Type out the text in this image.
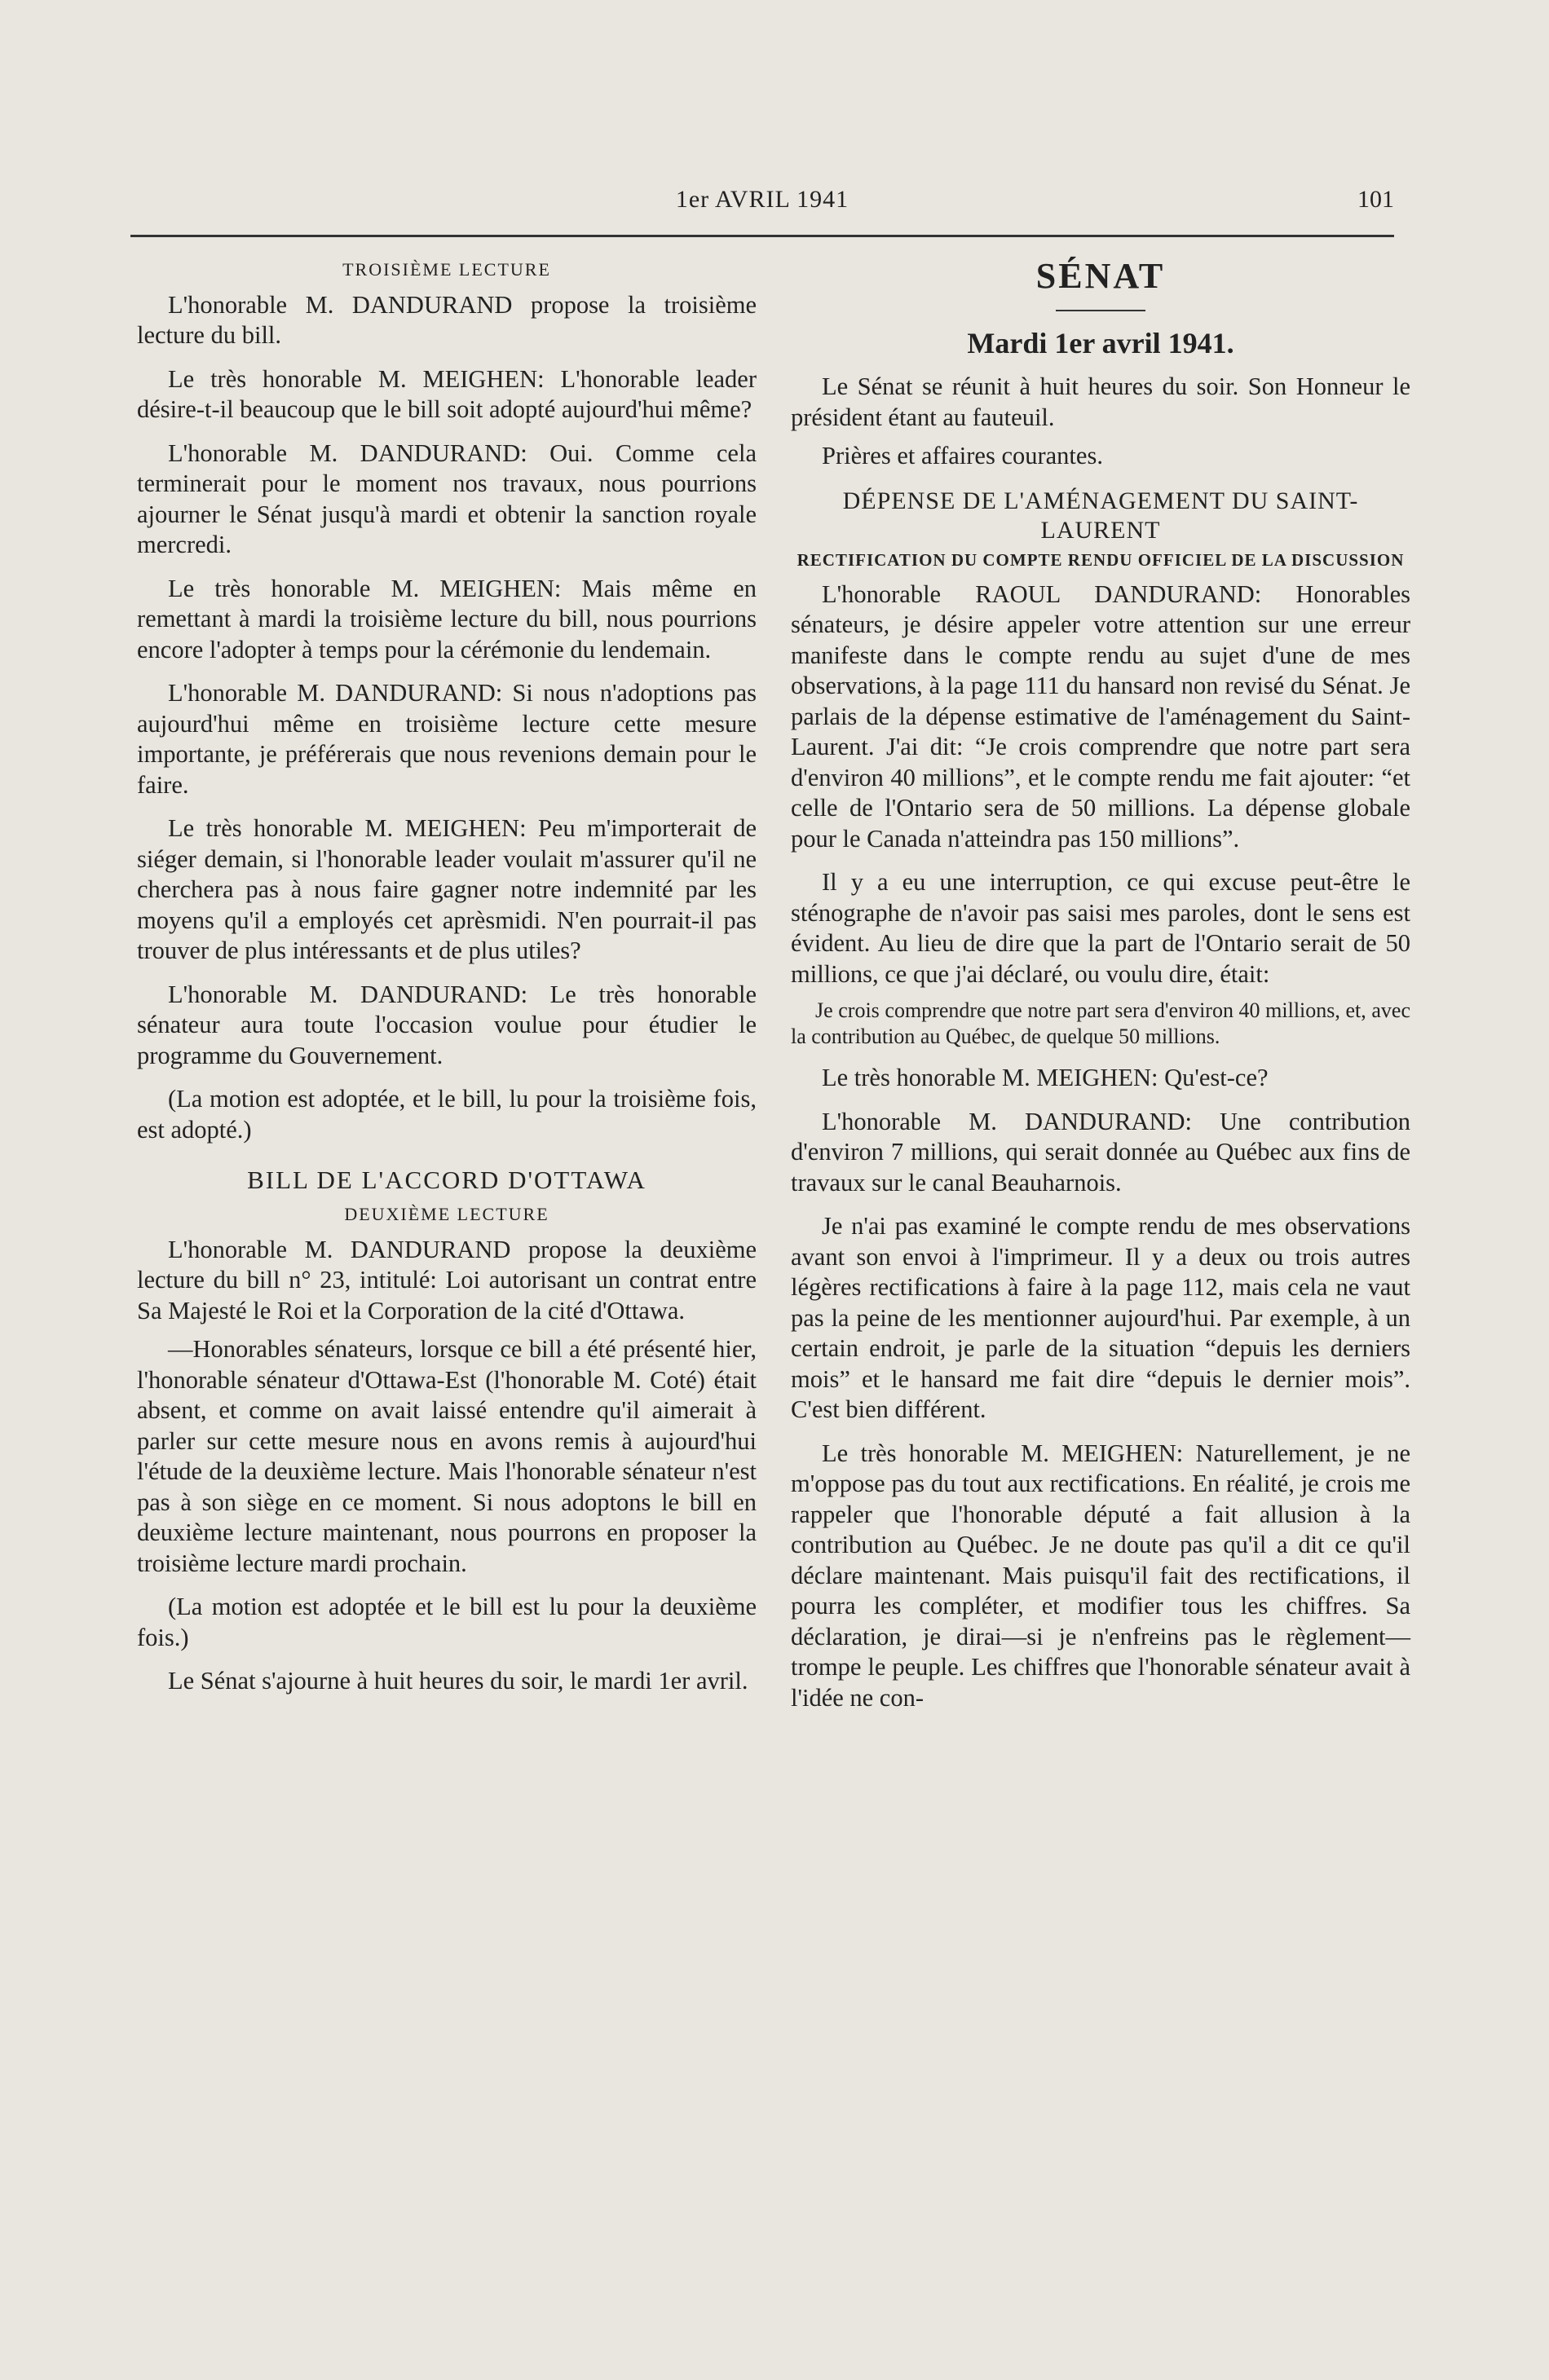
1er AVRIL 1941	101
TROISIÈME LECTURE

L'honorable M. DANDURAND propose la troisième lecture du bill.

Le très honorable M. MEIGHEN: L'honorable leader désire-t-il beaucoup que le bill soit adopté aujourd'hui même?

L'honorable M. DANDURAND: Oui. Comme cela terminerait pour le moment nos travaux, nous pourrions ajourner le Sénat jusqu'à mardi et obtenir la sanction royale mercredi.

Le très honorable M. MEIGHEN: Mais même en remettant à mardi la troisième lecture du bill, nous pourrions encore l'adopter à temps pour la cérémonie du lendemain.

L'honorable M. DANDURAND: Si nous n'adoptions pas aujourd'hui même en troisième lecture cette mesure importante, je préférerais que nous revenions demain pour le faire.

Le très honorable M. MEIGHEN: Peu m'importerait de siéger demain, si l'honorable leader voulait m'assurer qu'il ne cherchera pas à nous faire gagner notre indemnité par les moyens qu'il a employés cet aprèsmidi. N'en pourrait-il pas trouver de plus intéressants et de plus utiles?

L'honorable M. DANDURAND: Le très honorable sénateur aura toute l'occasion voulue pour étudier le programme du Gouvernement.

(La motion est adoptée, et le bill, lu pour la troisième fois, est adopté.)

BILL DE L'ACCORD D'OTTAWA
DEUXIÈME LECTURE

L'honorable M. DANDURAND propose la deuxième lecture du bill n° 23, intitulé: Loi autorisant un contrat entre Sa Majesté le Roi et la Corporation de la cité d'Ottawa.

—Honorables sénateurs, lorsque ce bill a été présenté hier, l'honorable sénateur d'Ottawa-Est (l'honorable M. Coté) était absent, et comme on avait laissé entendre qu'il aimerait à parler sur cette mesure nous en avons remis à aujourd'hui l'étude de la deuxième lecture. Mais l'honorable sénateur n'est pas à son siège en ce moment. Si nous adoptons le bill en deuxième lecture maintenant, nous pourrons en proposer la troisième lecture mardi prochain.

(La motion est adoptée et le bill est lu pour la deuxième fois.)

Le Sénat s'ajourne à huit heures du soir, le mardi 1er avril.

SÉNAT
Mardi 1er avril 1941.

Le Sénat se réunit à huit heures du soir. Son Honneur le président étant au fauteuil.

Prières et affaires courantes.

DÉPENSE DE L'AMÉNAGEMENT DU SAINT-LAURENT
RECTIFICATION DU COMPTE RENDU OFFICIEL DE LA DISCUSSION

L'honorable RAOUL DANDURAND: Honorables sénateurs, je désire appeler votre attention sur une erreur manifeste dans le compte rendu au sujet d'une de mes observations, à la page 111 du hansard non revisé du Sénat. Je parlais de la dépense estimative de l'aménagement du Saint-Laurent. J'ai dit: “Je crois comprendre que notre part sera d'environ 40 millions”, et le compte rendu me fait ajouter: “et celle de l'Ontario sera de 50 millions. La dépense globale pour le Canada n'atteindra pas 150 millions”.

Il y a eu une interruption, ce qui excuse peut-être le sténographe de n'avoir pas saisi mes paroles, dont le sens est évident. Au lieu de dire que la part de l'Ontario serait de 50 millions, ce que j'ai déclaré, ou voulu dire, était:

Je crois comprendre que notre part sera d'environ 40 millions, et, avec la contribution au Québec, de quelque 50 millions.

Le très honorable M. MEIGHEN: Qu'est-ce?

L'honorable M. DANDURAND: Une contribution d'environ 7 millions, qui serait donnée au Québec aux fins de travaux sur le canal Beauharnois.

Je n'ai pas examiné le compte rendu de mes observations avant son envoi à l'imprimeur. Il y a deux ou trois autres légères rectifications à faire à la page 112, mais cela ne vaut pas la peine de les mentionner aujourd'hui. Par exemple, à un certain endroit, je parle de la situation “depuis les derniers mois” et le hansard me fait dire “depuis le dernier mois”. C'est bien différent.

Le très honorable M. MEIGHEN: Naturellement, je ne m'oppose pas du tout aux rectifications. En réalité, je crois me rappeler que l'honorable député a fait allusion à la contribution au Québec. Je ne doute pas qu'il a dit ce qu'il déclare maintenant. Mais puisqu'il fait des rectifications, il pourra les compléter, et modifier tous les chiffres. Sa déclaration, je dirai—si je n'enfreins pas le règlement—trompe le peuple. Les chiffres que l'honorable sénateur avait à l'idée ne con-
